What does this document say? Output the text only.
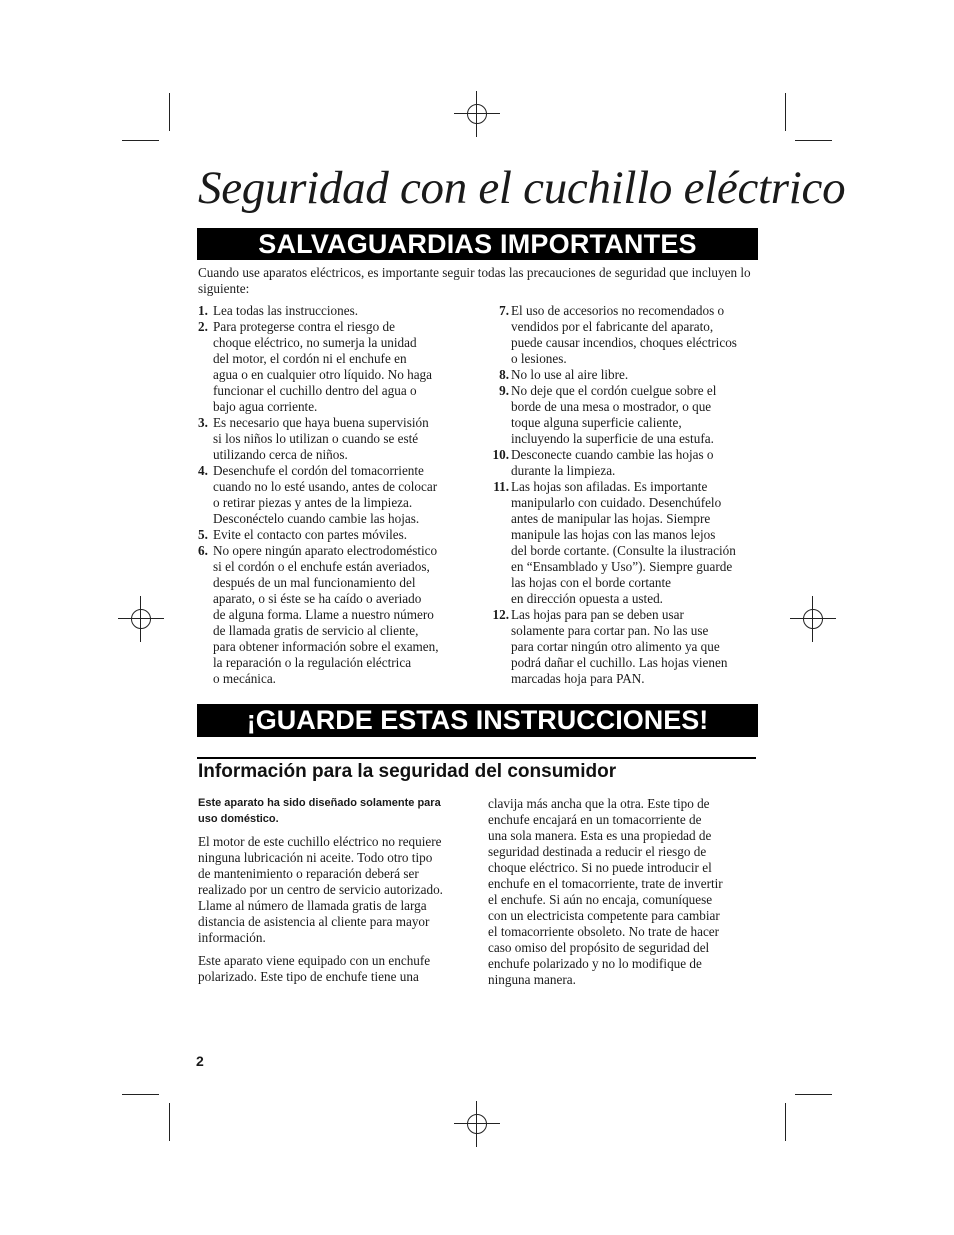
Seguridad con el cuchillo eléctrico
SALVAGUARDIAS IMPORTANTES
Cuando use aparatos eléctricos, es importante seguir todas las precauciones de seguridad que incluyen lo siguiente:
1. Lea todas las instrucciones.
2. Para protegerse contra el riesgo de
choque eléctrico, no sumerja la unidad
del motor, el cordón ni el enchufe en
agua o en cualquier otro líquido. No haga
funcionar el cuchillo dentro del agua o
bajo agua corriente.
3. Es necesario que haya buena supervisión
si los niños lo utilizan o cuando se esté
utilizando cerca de niños.
4. Desenchufe el cordón del tomacorriente
cuando no lo esté usando, antes de colocar
o retirar piezas y antes de la limpieza.
Desconéctelo cuando cambie las hojas.
5. Evite el contacto con partes móviles.
6. No opere ningún aparato electrodoméstico
si el cordón o el enchufe están averiados,
después de un mal funcionamiento del
aparato, o si éste se ha caído o averiado
de alguna forma. Llame a nuestro número
de llamada gratis de servicio al cliente,
para obtener información sobre el examen,
la reparación o la regulación eléctrica
o mecánica.
7. El uso de accesorios no recomendados o
vendidos por el fabricante del aparato,
puede causar incendios, choques eléctricos
o lesiones.
8. No lo use al aire libre.
9. No deje que el cordón cuelgue sobre el
borde de una mesa o mostrador, o que
toque alguna superficie caliente,
incluyendo la superficie de una estufa.
10. Desconecte cuando cambie las hojas o
durante la limpieza.
11. Las hojas son afiladas. Es importante
manipularlo con cuidado. Desenchúfelo
antes de manipular las hojas. Siempre
manipule las hojas con las manos lejos
del borde cortante. (Consulte la ilustración
en “Ensamblado y Uso”). Siempre guarde
las hojas con el borde cortante
en dirección opuesta a usted.
12. Las hojas para pan se deben usar
solamente para cortar pan. No las use
para cortar ningún otro alimento ya que
podrá dañar el cuchillo. Las hojas vienen
marcadas hoja para PAN.
¡GUARDE ESTAS INSTRUCCIONES!
Información para la seguridad del consumidor
Este aparato ha sido diseñado solamente para
uso doméstico.
El motor de este cuchillo eléctrico no requiere
ninguna lubricación ni aceite. Todo otro tipo
de mantenimiento o reparación deberá ser
realizado por un centro de servicio autorizado.
Llame al número de llamada gratis de larga
distancia de asistencia al cliente para mayor
información.
Este aparato viene equipado con un enchufe
polarizado. Este tipo de enchufe tiene una
clavija más ancha que la otra. Este tipo de
enchufe encajará en un tomacorriente de
una sola manera. Esta es una propiedad de
seguridad destinada a reducir el riesgo de
choque eléctrico. Si no puede introducir el
enchufe en el tomacorriente, trate de invertir
el enchufe. Si aún no encaja, comuníquese
con un electricista competente para cambiar
el tomacorriente obsoleto. No trate de hacer
caso omiso del propósito de seguridad del
enchufe polarizado y no lo modifique de
ninguna manera.
2
